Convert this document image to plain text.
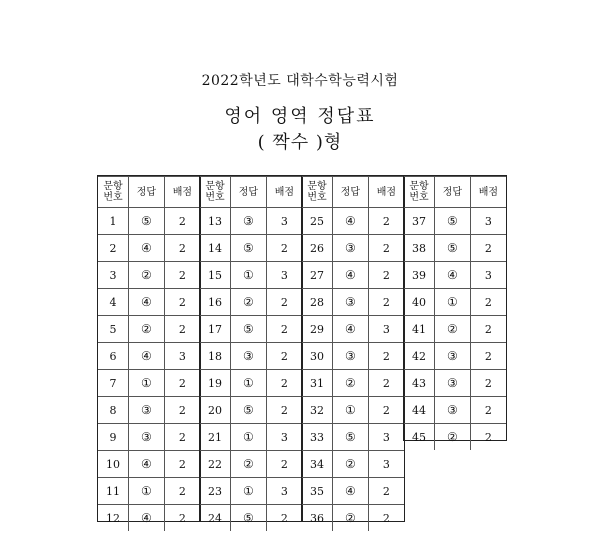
2022학년도 대학수학능력시험
영어 영역 정답표
( 짝수 )형
문항
번호	정답	배점
1	⑤	2
2	④	2
3	②	2
4	④	2
5	②	2
6	④	3
7	①	2
8	③	2
9	③	2
10	④	2
11	①	2
12	④	2
문항
번호	정답	배점
13	③	3
14	⑤	2
15	①	3
16	②	2
17	⑤	2
18	③	2
19	①	2
20	⑤	2
21	①	3
22	②	2
23	①	3
24	⑤	2
문항
번호	정답	배점
25	④	2
26	③	2
27	④	2
28	③	2
29	④	3
30	③	2
31	②	2
32	①	2
33	⑤	3
34	②	3
35	④	2
36	②	2
문항
번호	정답	배점
37	⑤	3
38	⑤	2
39	④	3
40	①	2
41	②	2
42	③	2
43	③	2
44	③	2
45	②	2
